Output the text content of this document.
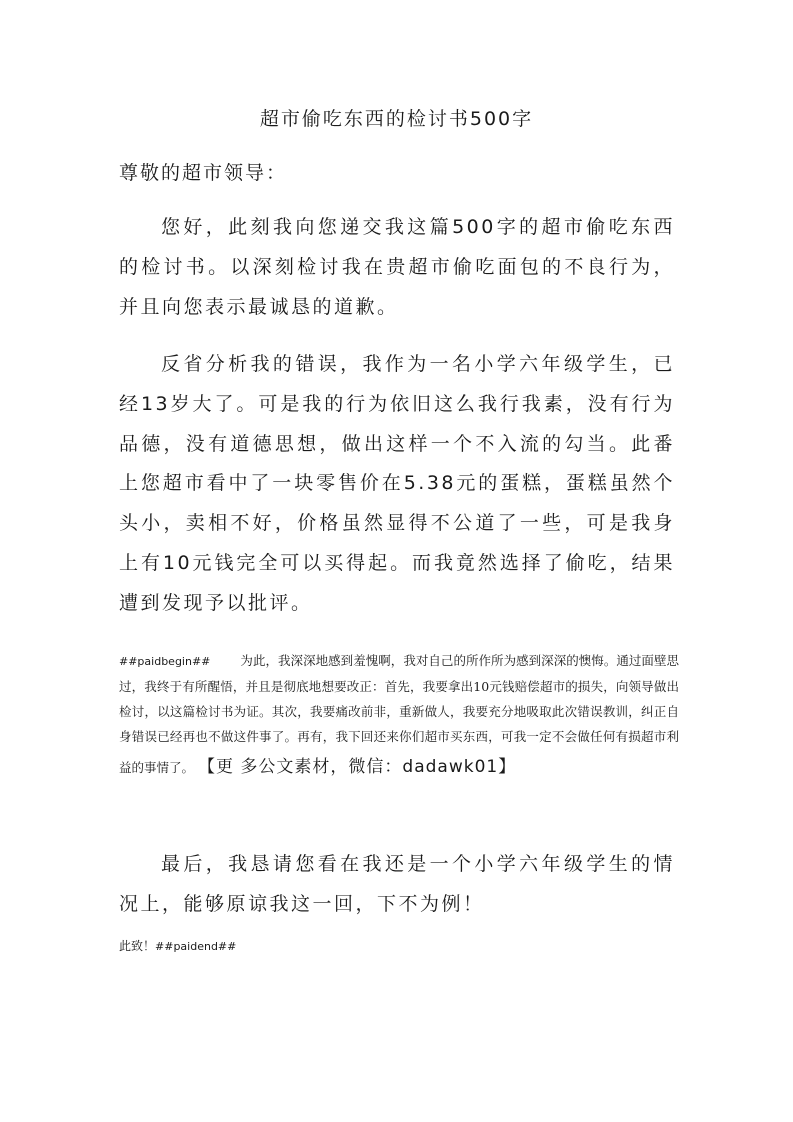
超市偷吃东西的检讨书500字
尊敬的超市领导：

您好，此刻我向您递交我这篇500字的超市偷吃东西的检讨书。以深刻检讨我在贵超市偷吃面包的不良行为，并且向您表示最诚恳的道歉。

反省分析我的错误，我作为一名小学六年级学生，已经13岁大了。可是我的行为依旧这么我行我素，没有行为品德，没有道德思想，做出这样一个不入流的勾当。此番上您超市看中了一块零售价在5.38元的蛋糕，蛋糕虽然个头小，卖相不好，价格虽然显得不公道了一些，可是我身上有10元钱完全可以买得起。而我竟然选择了偷吃，结果遭到发现予以批评。

##paidbegin## 为此，我深深地感到羞愧啊，我对自己的所作所为感到深深的懊悔。通过面壁思过，我终于有所醒悟，并且是彻底地想要改正：首先，我要拿出10元钱赔偿超市的损失，向领导做出检讨，以这篇检讨书为证。其次，我要痛改前非，重新做人，我要充分地吸取此次错误教训，纠正自身错误已经再也不做这件事了。再有，我下回还来你们超市买东西，可我一定不会做任何有损超市利益的事情了。 【更 多公文素材，微信：dadawk01】

最后，我恳请您看在我还是一个小学六年级学生的情况上，能够原谅我这一回，下不为例！

此致！##paidend##
